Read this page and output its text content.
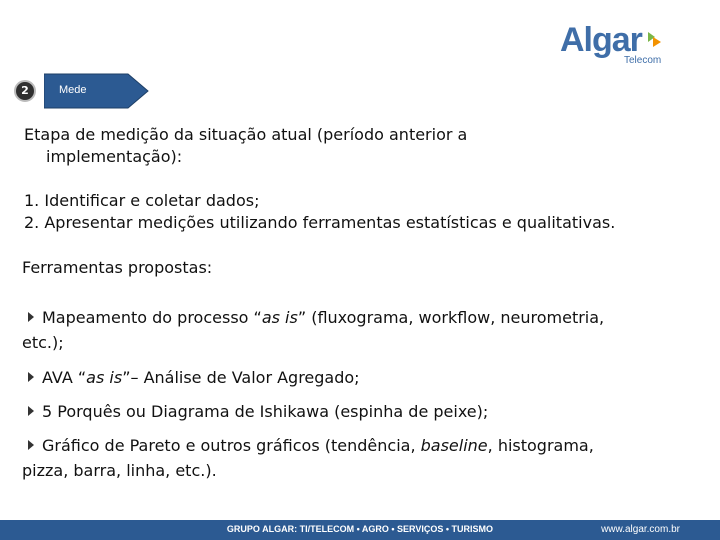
Algar
Telecom
2	Mede
Etapa de medição da situação atual (período anterior a
implementação):
1. Identificar e coletar dados;
2. Apresentar medições utilizando ferramentas estatísticas e qualitativas.
Ferramentas propostas:
Mapeamento do processo “as is” (fluxograma, workflow, neurometria,
etc.);
AVA “as is”– Análise de Valor Agregado;
5 Porquês ou Diagrama de Ishikawa (espinha de peixe);
Gráfico de Pareto e outros gráficos (tendência, baseline, histograma,
pizza, barra, linha, etc.).
GRUPO ALGAR: TI/TELECOM • AGRO • SERVIÇOS • TURISMO	www.algar.com.br
